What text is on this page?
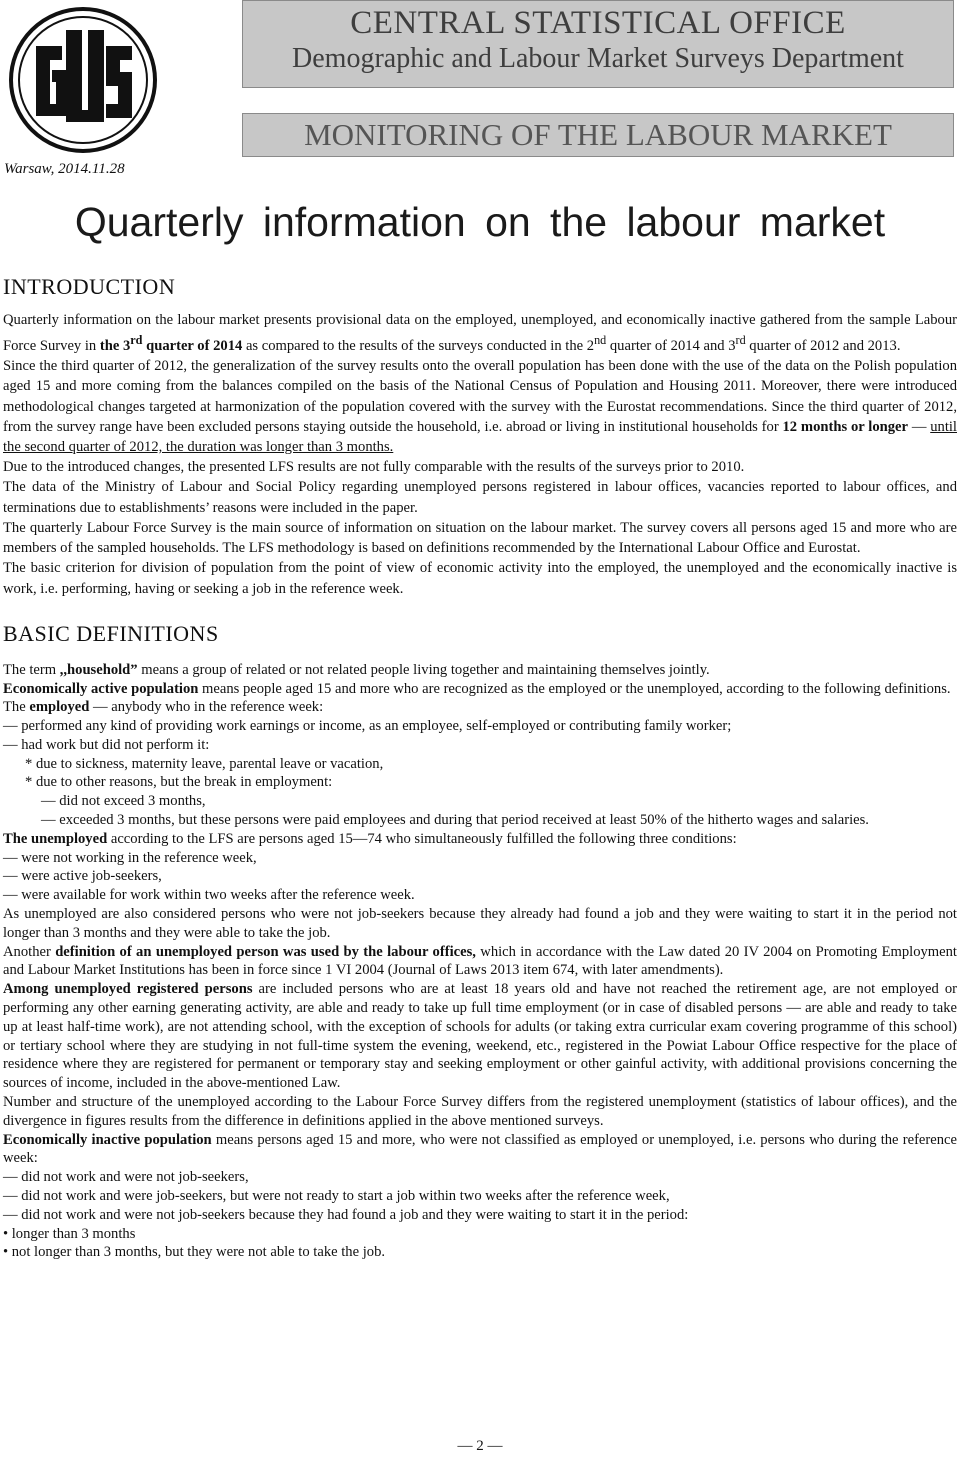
Warsaw, 2014.11.28
CENTRAL STATISTICAL OFFICE
Demographic and Labour Market Surveys Department
MONITORING OF THE LABOUR MARKET
Quarterly information on the labour market
INTRODUCTION

Quarterly information on the labour market presents provisional data on the employed, unemployed, and economically inactive gathered from the sample Labour Force Survey in the 3rd quarter of 2014 as compared to the results of the surveys conducted in the 2nd quarter of 2014 and 3rd quarter of 2012 and 2013.

Since the third quarter of 2012, the generalization of the survey results onto the overall population has been done with the use of the data on the Polish population aged 15 and more coming from the balances compiled on the basis of the National Census of Population and Housing 2011. Moreover, there were introduced methodological changes targeted at harmonization of the population covered with the survey with the Eurostat recommendations. Since the third quarter of 2012, from the survey range have been excluded persons staying outside the household, i.e. abroad or living in institutional households for 12 months or longer — until the second quarter of 2012, the duration was longer than 3 months.

Due to the introduced changes, the presented LFS results are not fully comparable with the results of the surveys prior to 2010.

The data of the Ministry of Labour and Social Policy regarding unemployed persons registered in labour offices, vacancies reported to labour offices, and terminations due to establishments’ reasons were included in the paper.

The quarterly Labour Force Survey is the main source of information on situation on the labour market. The survey covers all persons aged 15 and more who are members of the sampled households. The LFS methodology is based on definitions recommended by the International Labour Office and Eurostat.

The basic criterion for division of population from the point of view of economic activity into the employed, the unemployed and the economically inactive is work, i.e. performing, having or seeking a job in the reference week.

BASIC DEFINITIONS

The term ,,household” means a group of related or not related people living together and maintaining themselves jointly.

Economically active population means people aged 15 and more who are recognized as the employed or the unemployed, according to the following definitions.

The employed — anybody who in the reference week:

— performed any kind of providing work earnings or income, as an employee, self-employed or contributing family worker;

— had work but did not perform it:

* due to sickness, maternity leave, parental leave or vacation,

* due to other reasons, but the break in employment:

— did not exceed 3 months,

— exceeded 3 months, but these persons were paid employees and during that period received at least 50% of the hitherto wages and salaries.

The unemployed according to the LFS are persons aged 15—74 who simultaneously fulfilled the following three conditions:

— were not working in the reference week,

— were active job-seekers,

— were available for work within two weeks after the reference week.

As unemployed are also considered persons who were not job-seekers because they already had found a job and they were waiting to start it in the period not longer than 3 months and they were able to take the job.

Another definition of an unemployed person was used by the labour offices, which in accordance with the Law dated 20 IV 2004 on Promoting Employment and Labour Market Institutions has been in force since 1 VI 2004 (Journal of Laws 2013 item 674, with later amendments).

Among unemployed registered persons are included persons who are at least 18 years old and have not reached the retirement age, are not employed or performing any other earning generating activity, are able and ready to take up full time employment (or in case of disabled persons — are able and ready to take up at least half-time work), are not attending school, with the exception of schools for adults (or taking extra curricular exam covering programme of this school) or tertiary school where they are studying in not full-time system the evening, weekend, etc., registered in the Powiat Labour Office respective for the place of residence where they are registered for permanent or temporary stay and seeking employment or other gainful activity, with additional provisions concerning the sources of income, included in the above-mentioned Law.

Number and structure of the unemployed according to the Labour Force Survey differs from the registered unemployment (statistics of labour offices), and the divergence in figures results from the difference in definitions applied in the above mentioned surveys.

Economically inactive population means persons aged 15 and more, who were not classified as employed or unemployed, i.e. persons who during the reference week:

— did not work and were not job-seekers,

— did not work and were job-seekers, but were not ready to start a job within two weeks after the reference week,

— did not work and were not job-seekers because they had found a job and they were waiting to start it in the period:

• longer than 3 months

• not longer than 3 months, but they were not able to take the job.

— 2 —
